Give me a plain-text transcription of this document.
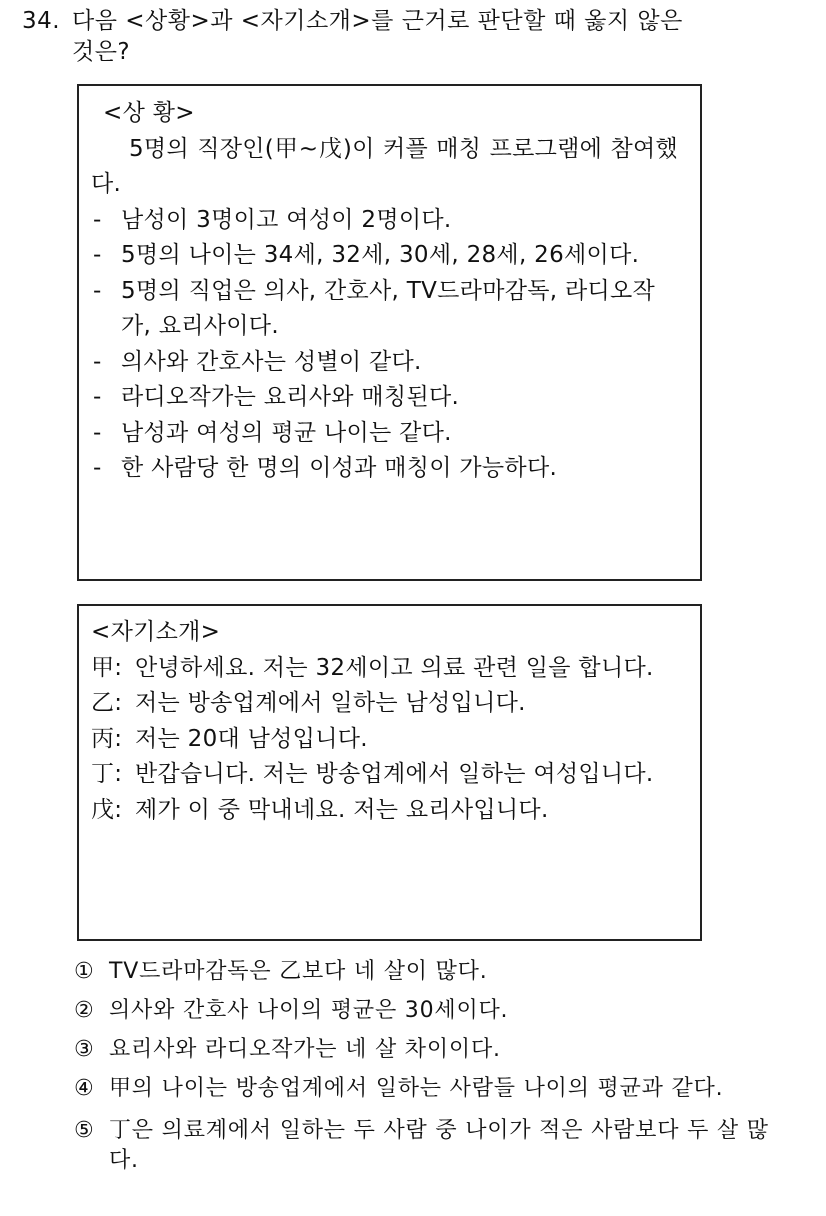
34. 다음 <상황>과 <자기소개>를 근거로 판단할 때 옳지 않은
것은?
<상 황>
5명의 직장인(甲~戊)이 커플 매칭 프로그램에 참여했다.
- 남성이 3명이고 여성이 2명이다.
- 5명의 나이는 34세, 32세, 30세, 28세, 26세이다.
- 5명의 직업은 의사, 간호사, TV드라마감독, 라디오작가, 요리사이다.
- 의사와 간호사는 성별이 같다.
- 라디오작가는 요리사와 매칭된다.
- 남성과 여성의 평균 나이는 같다.
- 한 사람당 한 명의 이성과 매칭이 가능하다.
<자기소개>
甲: 안녕하세요. 저는 32세이고 의료 관련 일을 합니다.
乙: 저는 방송업계에서 일하는 남성입니다.
丙: 저는 20대 남성입니다.
丁: 반갑습니다. 저는 방송업계에서 일하는 여성입니다.
戊: 제가 이 중 막내네요. 저는 요리사입니다.
① TV드라마감독은 乙보다 네 살이 많다.
② 의사와 간호사 나이의 평균은 30세이다.
③ 요리사와 라디오작가는 네 살 차이이다.
④ 甲의 나이는 방송업계에서 일하는 사람들 나이의 평균과 같다.
⑤ 丁은 의료계에서 일하는 두 사람 중 나이가 적은 사람보다 두 살 많다.
